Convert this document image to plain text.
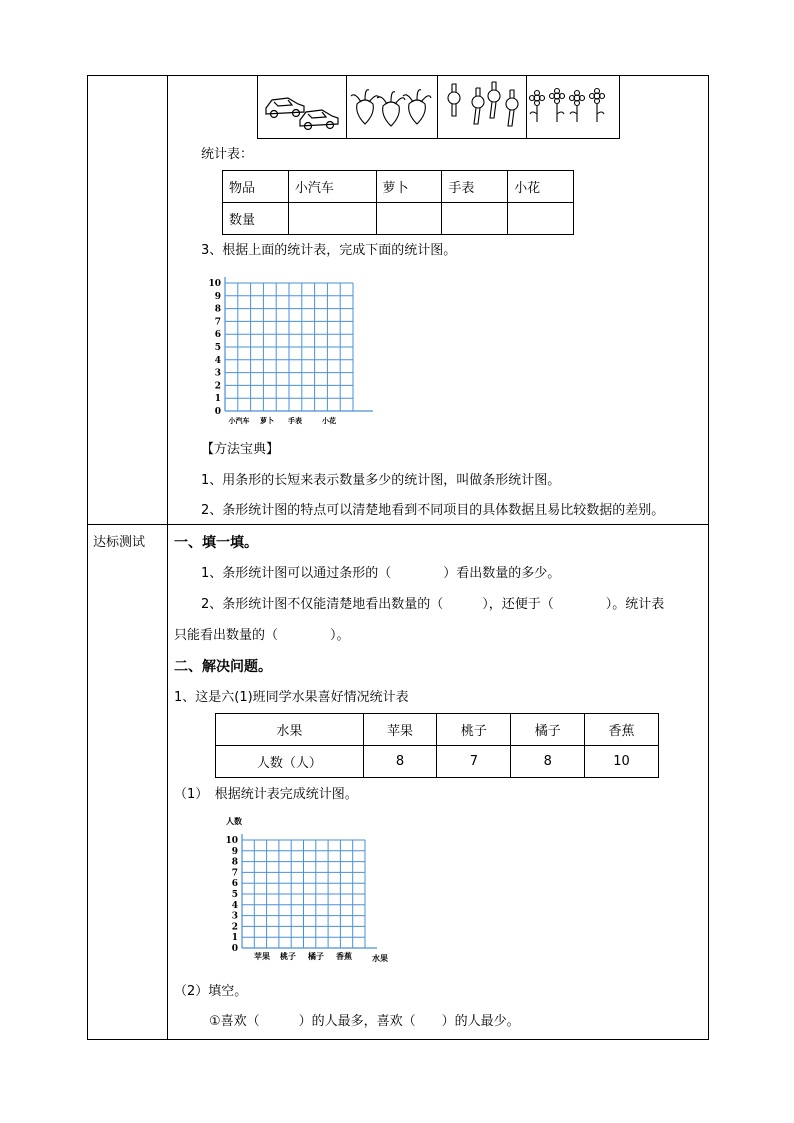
统计表：
物品	小汽车	萝卜	手表	小花
数量				
3、根据上面的统计表，完成下面的统计图。
10
9
8
7
6
5
4
3
2
1
0
小汽车 萝卜 手表	小花
【方法宝典】
1、用条形的长短来表示数量多少的统计图，叫做条形统计图。
2、条形统计图的特点可以清楚地看到不同项目的具体数据且易比较数据的差别。
达标测试 一、填一填。
1、条形统计图可以通过条形的（　　　　）看出数量的多少。
2、条形统计图不仅能清楚地看出数量的（　　　），还便于（　　　　）。统计表
只能看出数量的（　　　　）。
二、解决问题。
1、这是六(1)班同学水果喜好情况统计表
水果	苹果	桃子	橘子	香蕉
人数（人）	8	7	8	10
（1）　根据统计表完成统计图。
10
9
8
7
6
5
4
3
2
1
0
苹果 桃子 橘子 香蕉
人数
水果
（2）填空。
①喜欢（　　　）的人最多，喜欢（　　）的人最少。
